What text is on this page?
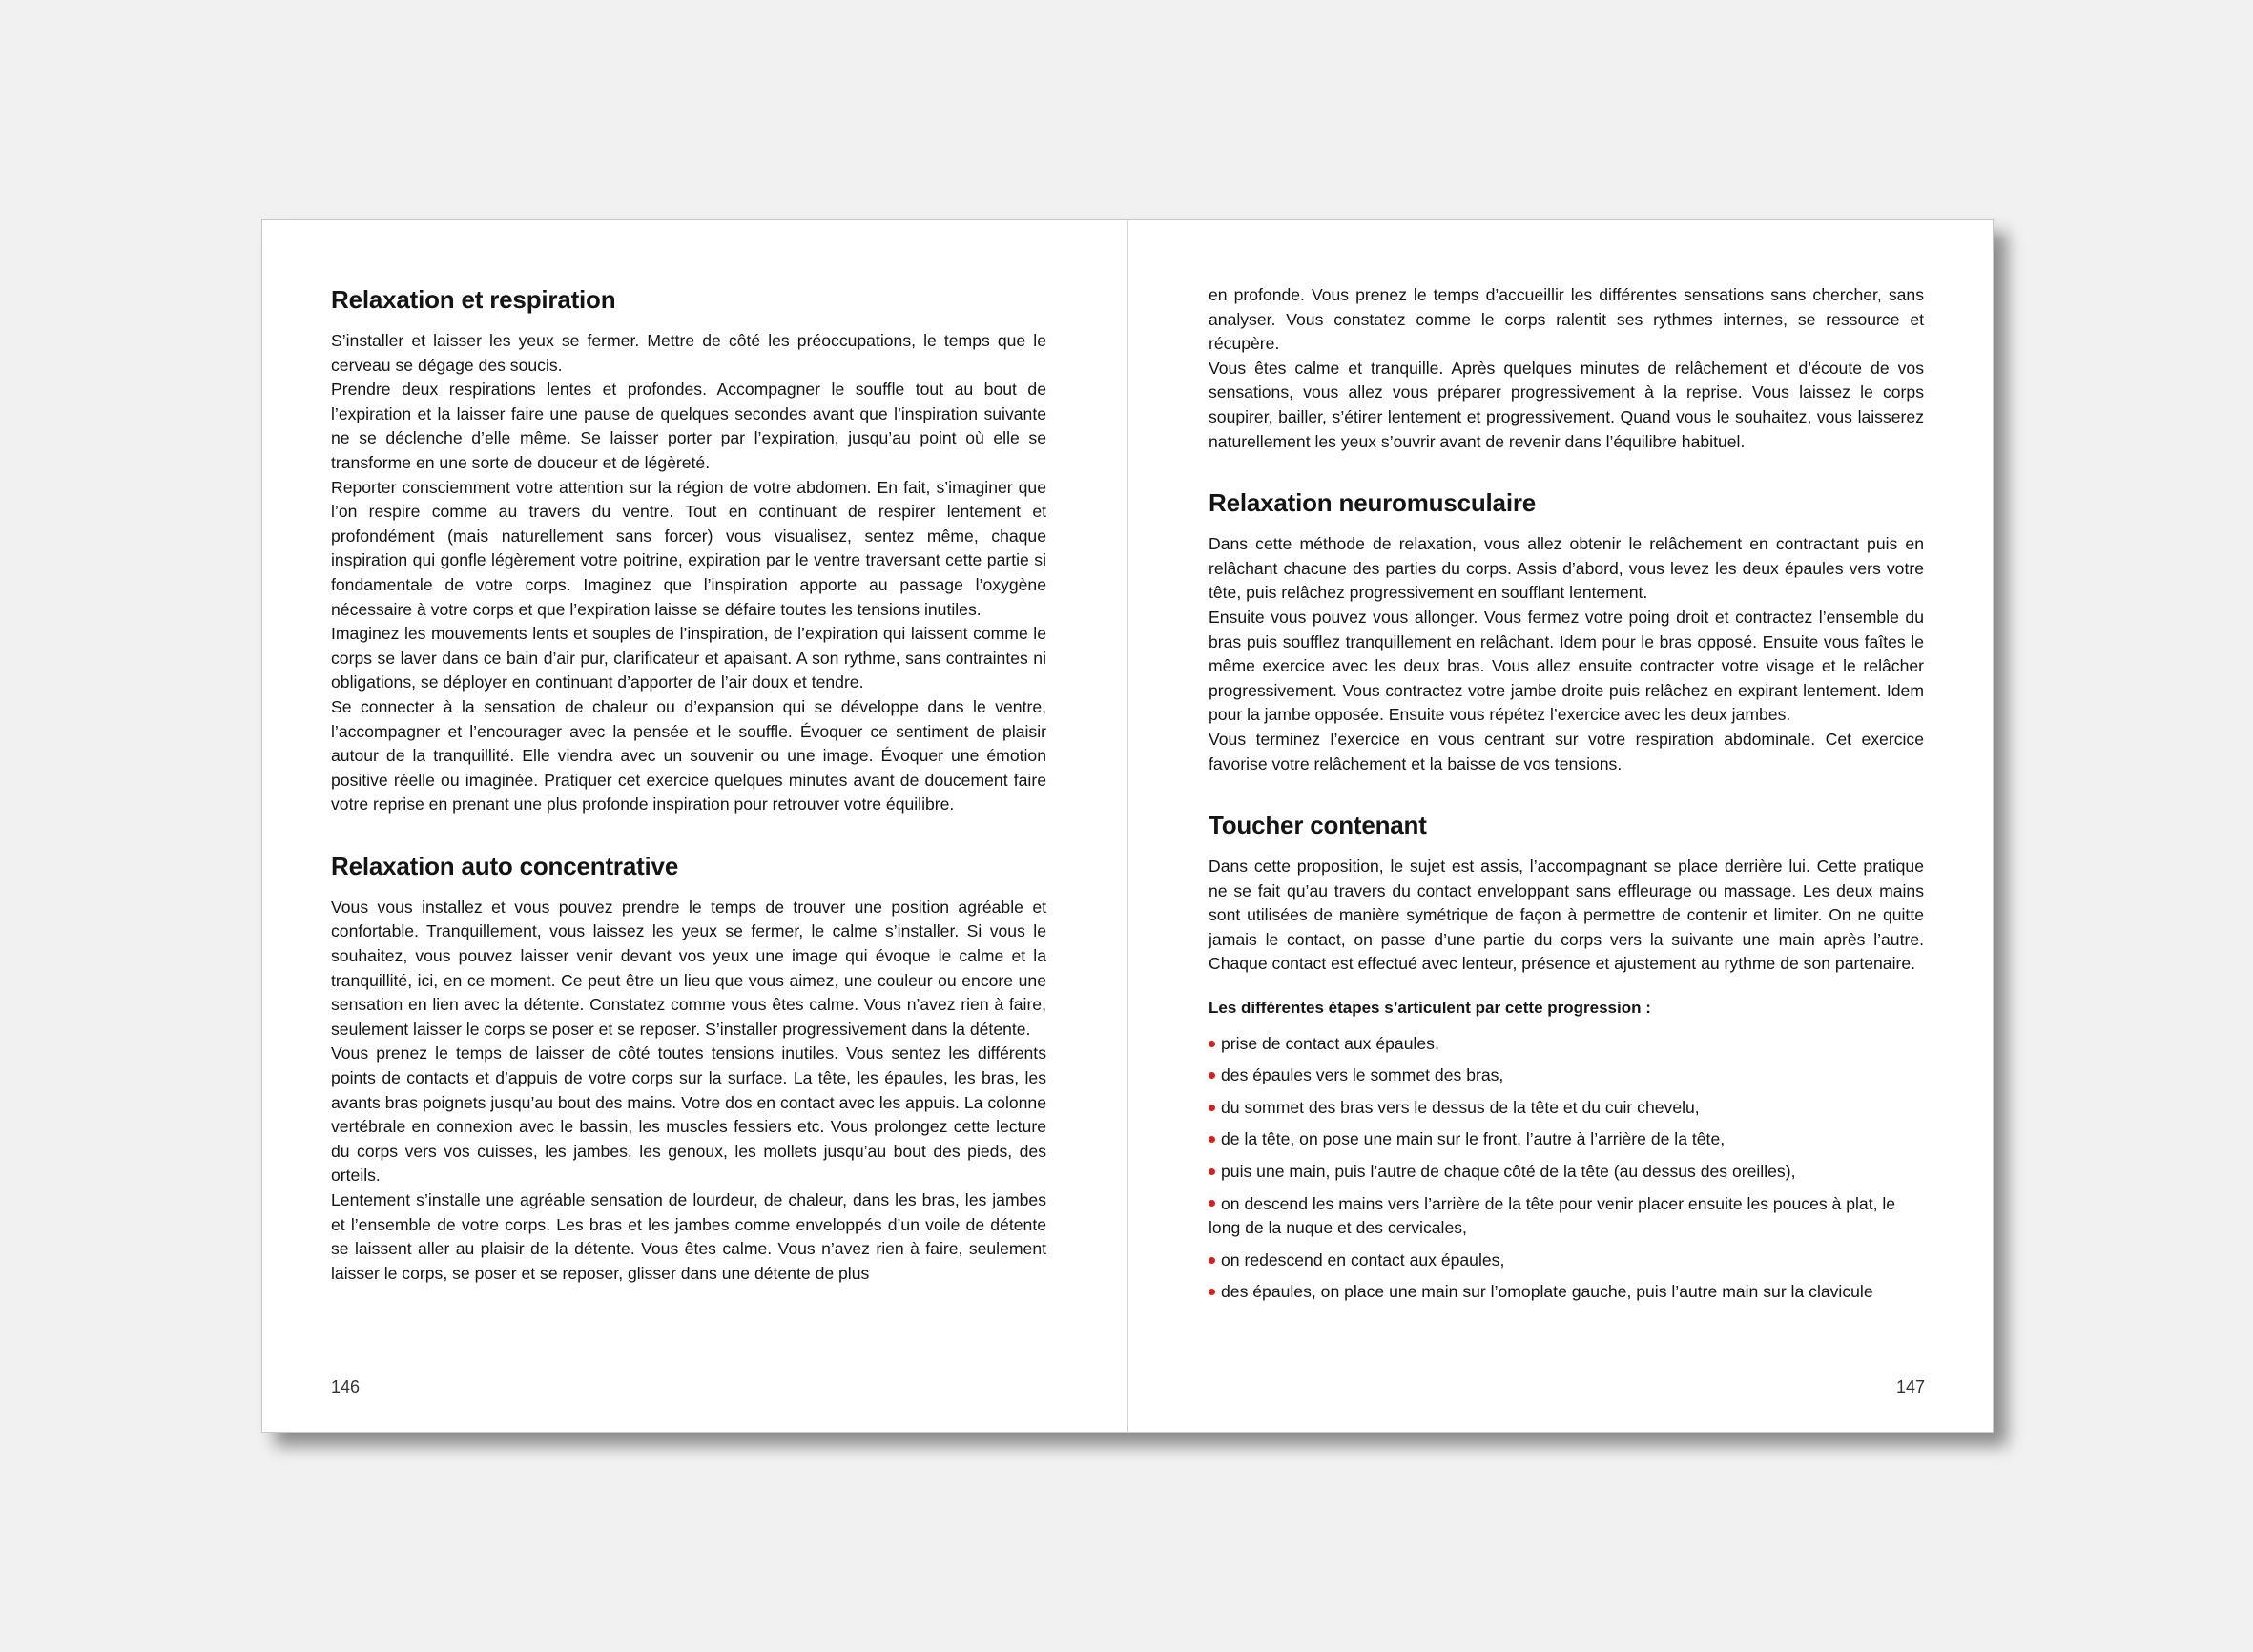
Relaxation et respiration

S’installer et laisser les yeux se fermer. Mettre de côté les préoccupations, le temps que le cerveau se dégage des soucis.

Prendre deux respirations lentes et profondes. Accompagner le souffle tout au bout de l’expiration et la laisser faire une pause de quelques secondes avant que l’inspiration suivante ne se déclenche d’elle même. Se laisser porter par l’expiration, jusqu’au point où elle se transforme en une sorte de douceur et de légèreté.

Reporter consciemment votre attention sur la région de votre abdomen. En fait, s’imaginer que l’on respire comme au travers du ventre. Tout en continuant de respirer lentement et profondément (mais naturellement sans forcer) vous visualisez, sentez même, chaque inspiration qui gonfle légèrement votre poitrine, expiration par le ventre traversant cette partie si fondamentale de votre corps. Imaginez que l’inspiration apporte au passage l’oxygène nécessaire à votre corps et que l’expiration laisse se défaire toutes les tensions inutiles.

Imaginez les mouvements lents et souples de l’inspiration, de l’expiration qui laissent comme le corps se laver dans ce bain d’air pur, clarificateur et apaisant. A son rythme, sans contraintes ni obligations, se déployer en continuant d’apporter de l’air doux et tendre.

Se connecter à la sensation de chaleur ou d’expansion qui se développe dans le ventre, l’accompagner et l’encourager avec la pensée et le souffle. Évoquer ce sentiment de plaisir autour de la tranquillité. Elle viendra avec un souvenir ou une image. Évoquer une émotion positive réelle ou imaginée. Pratiquer cet exercice quelques minutes avant de doucement faire votre reprise en prenant une plus profonde inspiration pour retrouver votre équilibre.

Relaxation auto concentrative

Vous vous installez et vous pouvez prendre le temps de trouver une position agréable et confortable. Tranquillement, vous laissez les yeux se fermer, le calme s’installer. Si vous le souhaitez, vous pouvez laisser venir devant vos yeux une image qui évoque le calme et la tranquillité, ici, en ce moment. Ce peut être un lieu que vous aimez, une couleur ou encore une sensation en lien avec la détente. Constatez comme vous êtes calme. Vous n’avez rien à faire, seulement laisser le corps se poser et se reposer. S’installer progressivement dans la détente.

Vous prenez le temps de laisser de côté toutes tensions inutiles. Vous sentez les différents points de contacts et d’appuis de votre corps sur la surface. La tête, les épaules, les bras, les avants bras poignets jusqu’au bout des mains. Votre dos en contact avec les appuis. La colonne vertébrale en connexion avec le bassin, les muscles fessiers etc. Vous prolongez cette lecture du corps vers vos cuisses, les jambes, les genoux, les mollets jusqu’au bout des pieds, des orteils.

Lentement s’installe une agréable sensation de lourdeur, de chaleur, dans les bras, les jambes et l’ensemble de votre corps. Les bras et les jambes comme enveloppés d’un voile de détente se laissent aller au plaisir de la détente. Vous êtes calme. Vous n’avez rien à faire, seulement laisser le corps, se poser et se reposer, glisser dans une détente de plus

146

en profonde. Vous prenez le temps d’accueillir les différentes sensations sans chercher, sans analyser. Vous constatez comme le corps ralentit ses rythmes internes, se ressource et récupère.

Vous êtes calme et tranquille. Après quelques minutes de relâchement et d’écoute de vos sensations, vous allez vous préparer progressivement à la reprise. Vous laissez le corps soupirer, bailler, s’étirer lentement et progressivement. Quand vous le souhaitez, vous laisserez naturellement les yeux s’ouvrir avant de revenir dans l’équilibre habituel.

Relaxation neuromusculaire

Dans cette méthode de relaxation, vous allez obtenir le relâchement en contractant puis en relâchant chacune des parties du corps. Assis d’abord, vous levez les deux épaules vers votre tête, puis relâchez progressivement en soufflant lentement.

Ensuite vous pouvez vous allonger. Vous fermez votre poing droit et contractez l’ensemble du bras puis soufflez tranquillement en relâchant. Idem pour le bras opposé. Ensuite vous faîtes le même exercice avec les deux bras. Vous allez ensuite contracter votre visage et le relâcher progressivement. Vous contractez votre jambe droite puis relâchez en expirant lentement. Idem pour la jambe opposée. Ensuite vous répétez l’exercice avec les deux jambes.

Vous terminez l’exercice en vous centrant sur votre respiration abdominale. Cet exercice favorise votre relâchement et la baisse de vos tensions.

Toucher contenant

Dans cette proposition, le sujet est assis, l’accompagnant se place derrière lui. Cette pratique ne se fait qu’au travers du contact enveloppant sans effleurage ou massage. Les deux mains sont utilisées de manière symétrique de façon à permettre de contenir et limiter. On ne quitte jamais le contact, on passe d’une partie du corps vers la suivante une main après l’autre. Chaque contact est effectué avec lenteur, présence et ajustement au rythme de son partenaire.

Les différentes étapes s’articulent par cette progression :
prise de contact aux épaules,
des épaules vers le sommet des bras,
du sommet des bras vers le dessus de la tête et du cuir chevelu,
de la tête, on pose une main sur le front, l’autre à l’arrière de la tête,
puis une main, puis l’autre de chaque côté de la tête (au dessus des oreilles),
on descend les mains vers l’arrière de la tête pour venir placer ensuite les pouces à plat, le long de la nuque et des cervicales,
on redescend en contact aux épaules,
des épaules, on place une main sur l’omoplate gauche, puis l’autre main sur la clavicule
147
